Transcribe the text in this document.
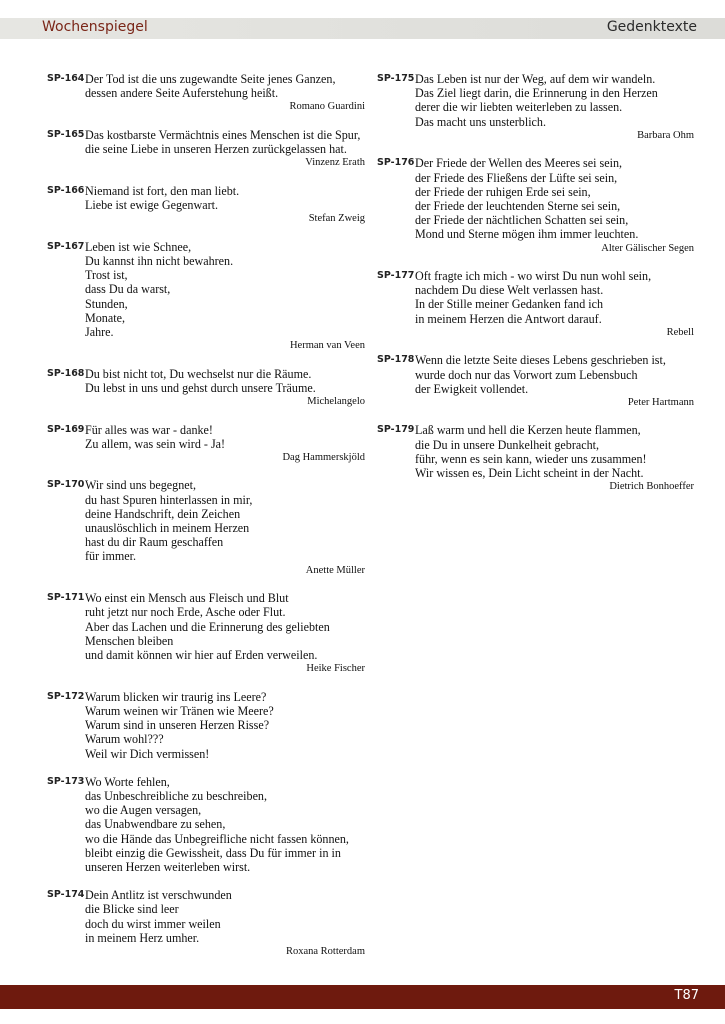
Wochenspiegel	Gedenktexte
SP-164 Der Tod ist die uns zugewandte Seite jenes Ganzen,
dessen andere Seite Auferstehung heißt.
Romano Guardini
SP-165 Das kostbarste Vermächtnis eines Menschen ist die Spur,
die seine Liebe in unseren Herzen zurückgelassen hat.
Vinzenz Erath
SP-166 Niemand ist fort, den man liebt.
Liebe ist ewige Gegenwart.
Stefan Zweig
SP-167 Leben ist wie Schnee,
Du kannst ihn nicht bewahren.
Trost ist,
dass Du da warst,
Stunden,
Monate,
Jahre.
Herman van Veen
SP-168 Du bist nicht tot, Du wechselst nur die Räume.
Du lebst in uns und gehst durch unsere Träume.
Michelangelo
SP-169 Für alles was war - danke!
Zu allem, was sein wird - Ja!
Dag Hammerskjöld
SP-170 Wir sind uns begegnet,
du hast Spuren hinterlassen in mir,
deine Handschrift, dein Zeichen
unauslöschlich in meinem Herzen
hast du dir Raum geschaffen
für immer.
Anette Müller
SP-171 Wo einst ein Mensch aus Fleisch und Blut
ruht jetzt nur noch Erde, Asche oder Flut.
Aber das Lachen und die Erinnerung des geliebten
Menschen bleiben
und damit können wir hier auf Erden verweilen.
Heike Fischer
SP-172 Warum blicken wir traurig ins Leere?
Warum weinen wir Tränen wie Meere?
Warum sind in unseren Herzen Risse?
Warum wohl???
Weil wir Dich vermissen!
SP-173 Wo Worte fehlen,
das Unbeschreibliche zu beschreiben,
wo die Augen versagen,
das Unabwendbare zu sehen,
wo die Hände das Unbegreifliche nicht fassen können,
bleibt einzig die Gewissheit, dass Du für immer in in
unseren Herzen weiterleben wirst.
SP-174 Dein Antlitz ist verschwunden
die Blicke sind leer
doch du wirst immer weilen
in meinem Herz umher.
Roxana Rotterdam
SP-175 Das Leben ist nur der Weg, auf dem wir wandeln.
Das Ziel liegt darin, die Erinnerung in den Herzen
derer die wir liebten weiterleben zu lassen.
Das macht uns unsterblich.
Barbara Ohm
SP-176 Der Friede der Wellen des Meeres sei sein,
der Friede des Fließens der Lüfte sei sein,
der Friede der ruhigen Erde sei sein,
der Friede der leuchtenden Sterne sei sein,
der Friede der nächtlichen Schatten sei sein,
Mond und Sterne mögen ihm immer leuchten.
Alter Gälischer Segen
SP-177 Oft fragte ich mich - wo wirst Du nun wohl sein,
nachdem Du diese Welt verlassen hast.
In der Stille meiner Gedanken fand ich
in meinem Herzen die Antwort darauf.
Rebell
SP-178 Wenn die letzte Seite dieses Lebens geschrieben ist,
wurde doch nur das Vorwort zum Lebensbuch
der Ewigkeit vollendet.
Peter Hartmann
SP-179 Laß warm und hell die Kerzen heute flammen,
die Du in unsere Dunkelheit gebracht,
führ, wenn es sein kann, wieder uns zusammen!
Wir wissen es, Dein Licht scheint in der Nacht.
Dietrich Bonhoeffer
T87
